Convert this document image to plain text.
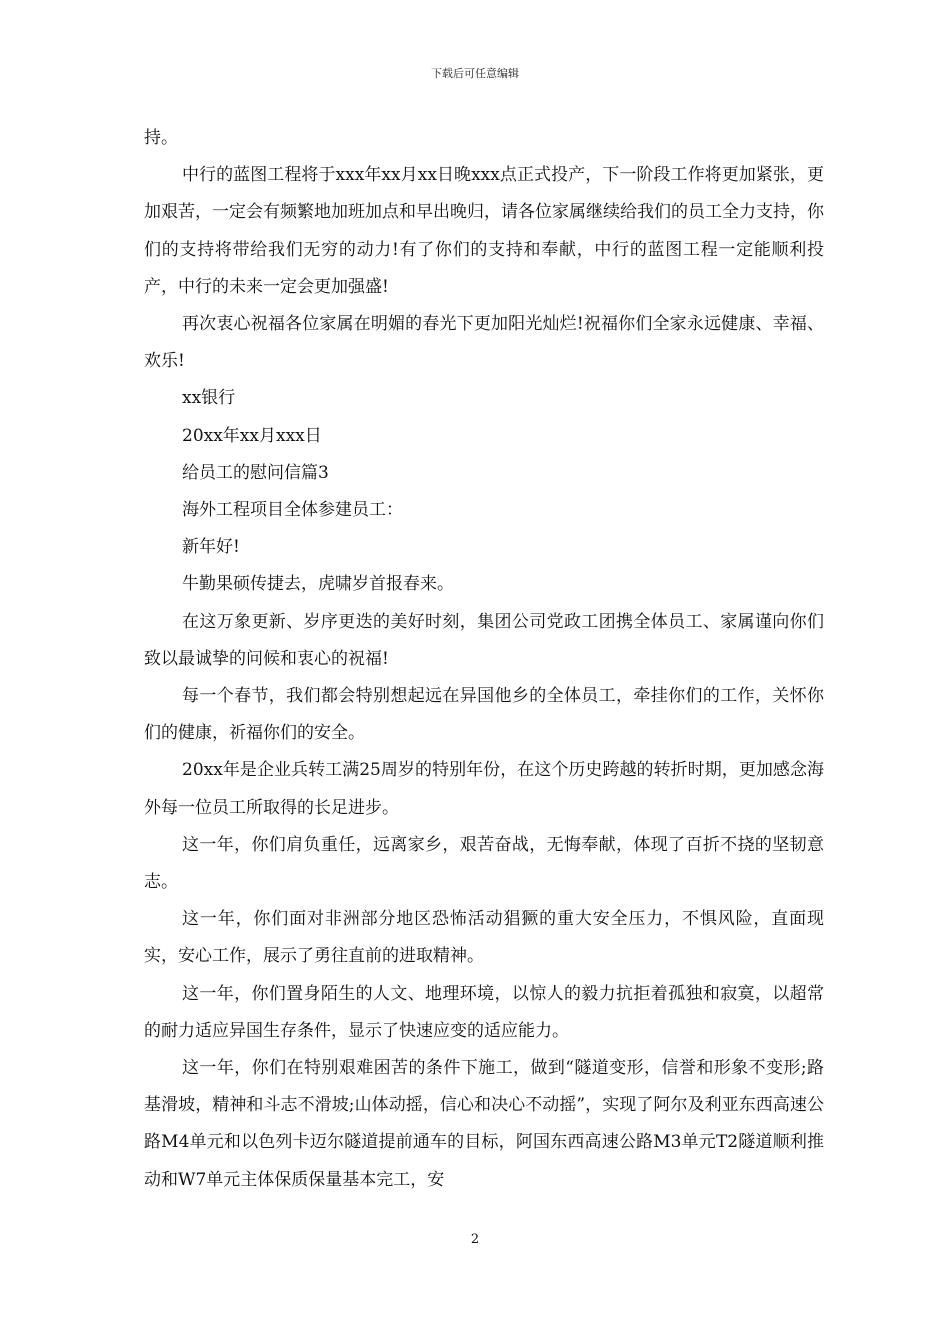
下载后可任意编辑

持。

中行的蓝图工程将于xxx年xx月xx日晚xxx点正式投产，下一阶段工作将更加紧张，更加艰苦，一定会有频繁地加班加点和早出晚归，请各位家属继续给我们的员工全力支持，你们的支持将带给我们无穷的动力!有了你们的支持和奉献，中行的蓝图工程一定能顺利投产，中行的未来一定会更加强盛!

再次衷心祝福各位家属在明媚的春光下更加阳光灿烂!祝福你们全家永远健康、幸福、欢乐!

xx银行

20xx年xx月xxx日

给员工的慰问信篇3

海外工程项目全体参建员工：

新年好!

牛勤果硕传捷去，虎啸岁首报春来。

在这万象更新、岁序更迭的美好时刻，集团公司党政工团携全体员工、家属谨向你们致以最诚挚的问候和衷心的祝福!

每一个春节，我们都会特别想起远在异国他乡的全体员工，牵挂你们的工作，关怀你们的健康，祈福你们的安全。

20xx年是企业兵转工满25周岁的特别年份，在这个历史跨越的转折时期，更加感念海外每一位员工所取得的长足进步。

这一年，你们肩负重任，远离家乡，艰苦奋战，无悔奉献，体现了百折不挠的坚韧意志。

这一年，你们面对非洲部分地区恐怖活动猖獗的重大安全压力，不惧风险，直面现实，安心工作，展示了勇往直前的进取精神。

这一年，你们置身陌生的人文、地理环境，以惊人的毅力抗拒着孤独和寂寞，以超常的耐力适应异国生存条件，显示了快速应变的适应能力。

这一年，你们在特别艰难困苦的条件下施工，做到“隧道变形，信誉和形象不变形;路基滑坡，精神和斗志不滑坡;山体动摇，信心和决心不动摇”，实现了阿尔及利亚东西高速公路M4单元和以色列卡迈尔隧道提前通车的目标，阿国东西高速公路M3单元T2隧道顺利推动和W7单元主体保质保量基本完工，安

2
